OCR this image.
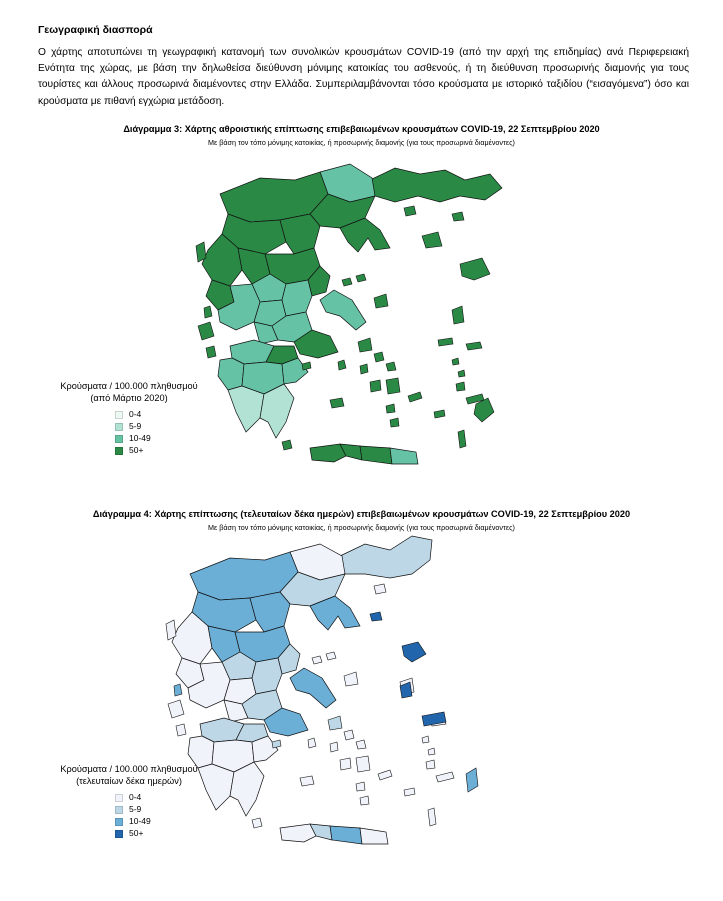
Γεωγραφική διασπορά

Ο χάρτης αποτυπώνει τη γεωγραφική κατανομή των συνολικών κρουσμάτων COVID-19 (από την αρχή της επιδημίας) ανά Περιφερειακή Ενότητα της χώρας, με βάση την δηλωθείσα διεύθυνση μόνιμης κατοικίας του ασθενούς, ή τη διεύθυνση προσωρινής διαμονής για τους τουρίστες και άλλους προσωρινά διαμένοντες στην Ελλάδα. Συμπεριλαμβάνονται τόσο κρούσματα με ιστορικό ταξιδίου (“εισαγόμενα”) όσο και κρούσματα με πιθανή εγχώρια μετάδοση.

Διάγραμμα 3: Χάρτης αθροιστικής επίπτωσης επιβεβαιωμένων κρουσμάτων COVID-19, 22 Σεπτεμβρίου 2020

Με βάση τον τόπο μόνιμης κατοικίας, ή προσωρινής διαμονής (για τους προσωρινά διαμένοντες)

Κρούσματα / 100.000 πληθυσμού
(από Μάρτιο 2020)
0-4
5-9
10-49
50+

Διάγραμμα 4: Χάρτης επίπτωσης (τελευταίων δέκα ημερών) επιβεβαιωμένων κρουσμάτων COVID-19, 22 Σεπτεμβρίου 2020

Με βάση τον τόπο μόνιμης κατοικίας, ή προσωρινής διαμονής (για τους προσωρινά διαμένοντες)

Κρούσματα / 100.000 πληθυσμού
(τελευταίων δέκα ημερών)
0-4
5-9
10-49
50+
